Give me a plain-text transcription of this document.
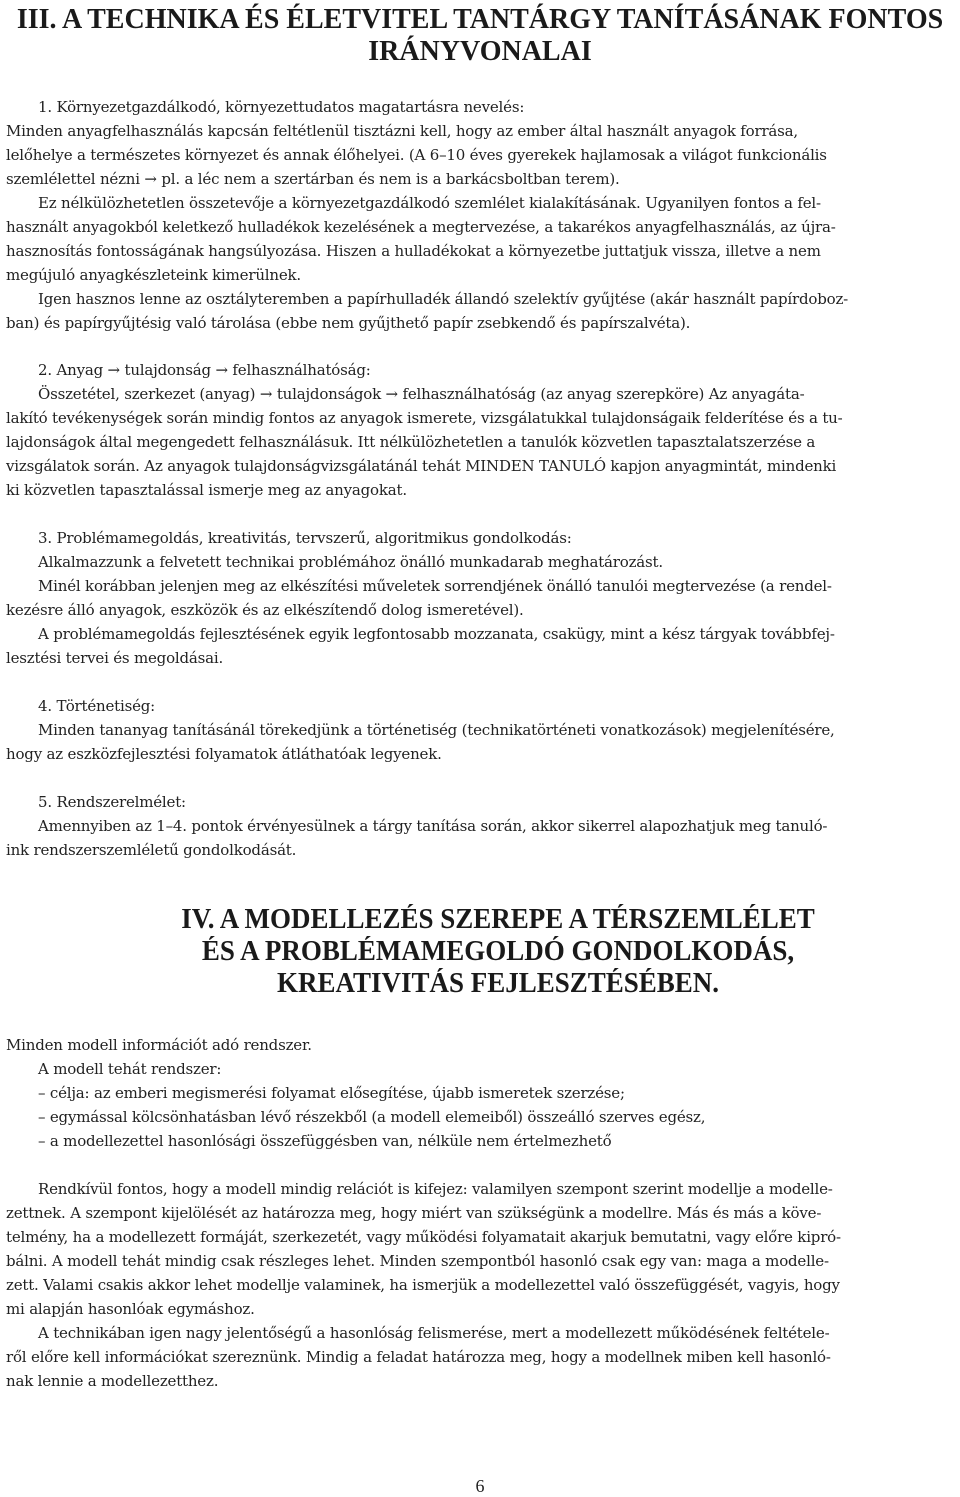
III. A TECHNIKA ÉS ÉLETVITEL TANTÁRGY TANÍTÁSÁNAK FONTOS
IRÁNYVONALAI
1. Környezetgazdálkodó, környezettudatos magatartásra nevelés:
Minden anyagfelhasználás kapcsán feltétlenül tisztázni kell, hogy az ember által használt anyagok forrása,
lelőhelye a természetes környezet és annak élőhelyei. (A 6–10 éves gyerekek hajlamosak a világot funkcionális
szemlélettel nézni → pl. a léc nem a szertárban és nem is a barkácsboltban terem).
Ez nélkülözhetetlen összetevője a környezetgazdálkodó szemlélet kialakításának. Ugyanilyen fontos a fel-
használt anyagokból keletkező hulladékok kezelésének a megtervezése, a takarékos anyagfelhasználás, az újra-
hasznosítás fontosságának hangsúlyozása. Hiszen a hulladékokat a környezetbe juttatjuk vissza, illetve a nem
megújuló anyagkészleteink kimerülnek.
Igen hasznos lenne az osztályteremben a papírhulladék állandó szelektív gyűjtése (akár használt papírdoboz-
ban) és papírgyűjtésig való tárolása (ebbe nem gyűjthető papír zsebkendő és papírszalvéta).
2. Anyag → tulajdonság → felhasználhatóság:
Összetétel, szerkezet (anyag) → tulajdonságok → felhasználhatóság (az anyag szerepköre) Az anyagáta-
lakító tevékenységek során mindig fontos az anyagok ismerete, vizsgálatukkal tulajdonságaik felderítése és a tu-
lajdonságok által megengedett felhasználásuk. Itt nélkülözhetetlen a tanulók közvetlen tapasztalatszerzése a
vizsgálatok során. Az anyagok tulajdonságvizsgálatánál tehát MINDEN TANULÓ kapjon anyagmintát, mindenki
ki közvetlen tapasztalással ismerje meg az anyagokat.
3. Problémamegoldás, kreativitás, tervszerű, algoritmikus gondolkodás:
Alkalmazzunk a felvetett technikai problémához önálló munkadarab meghatározást.
Minél korábban jelenjen meg az elkészítési műveletek sorrendjének önálló tanulói megtervezése (a rendel-
kezésre álló anyagok, eszközök és az elkészítendő dolog ismeretével).
A problémamegoldás fejlesztésének egyik legfontosabb mozzanata, csakügy, mint a kész tárgyak továbbfej-
lesztési tervei és megoldásai.
4. Történetiség:
Minden tananyag tanításánál törekedjünk a történetiség (technikatörténeti vonatkozások) megjelenítésére,
hogy az eszközfejlesztési folyamatok átláthatóak legyenek.
5. Rendszerelmélet:
Amennyiben az 1–4. pontok érvényesülnek a tárgy tanítása során, akkor sikerrel alapozhatjuk meg tanuló-
ink rendszerszemléletű gondolkodását.
IV. A MODELLEZÉS SZEREPE A TÉRSZEMLÉLET
ÉS A PROBLÉMAMEGOLDÓ GONDOLKODÁS,
KREATIVITÁS FEJLESZTÉSÉBEN.
Minden modell információt adó rendszer.
A modell tehát rendszer:
– célja: az emberi megismerési folyamat elősegítése, újabb ismeretek szerzése;
– egymással kölcsönhatásban lévő részekből (a modell elemeiből) összeálló szerves egész,
– a modellezettel hasonlósági összefüggésben van, nélküle nem értelmezhető
Rendkívül fontos, hogy a modell mindig relációt is kifejez: valamilyen szempont szerint modellje a modelle-
zettnek. A szempont kijelölését az határozza meg, hogy miért van szükségünk a modellre. Más és más a köve-
telmény, ha a modellezett formáját, szerkezetét, vagy működési folyamatait akarjuk bemutatni, vagy előre kipró-
bálni. A modell tehát mindig csak részleges lehet. Minden szempontból hasonló csak egy van: maga a modelle-
zett. Valami csakis akkor lehet modellje valaminek, ha ismerjük a modellezettel való összefüggését, vagyis, hogy
mi alapján hasonlóak egymáshoz.
A technikában igen nagy jelentőségű a hasonlóság felismerése, mert a modellezett működésének feltétele-
ről előre kell információkat szereznünk. Mindig a feladat határozza meg, hogy a modellnek miben kell hasonló-
nak lennie a modellezetthez.
6
